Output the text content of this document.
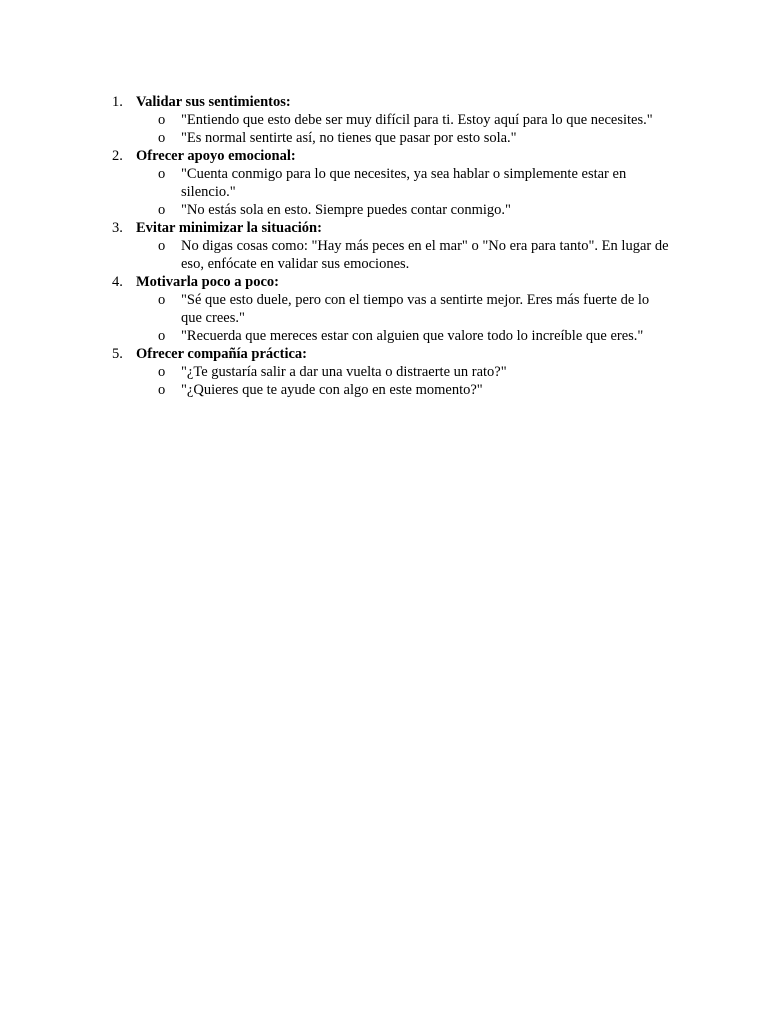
1. Validar sus sentimientos:
o "Entiendo que esto debe ser muy difícil para ti. Estoy aquí para lo que necesites."
o "Es normal sentirte así, no tienes que pasar por esto sola."
2. Ofrecer apoyo emocional:
o "Cuenta conmigo para lo que necesites, ya sea hablar o simplemente estar en silencio."
o "No estás sola en esto. Siempre puedes contar conmigo."
3. Evitar minimizar la situación:
o No digas cosas como: "Hay más peces en el mar" o "No era para tanto". En lugar de eso, enfócate en validar sus emociones.
4. Motivarla poco a poco:
o "Sé que esto duele, pero con el tiempo vas a sentirte mejor. Eres más fuerte de lo que crees."
o "Recuerda que mereces estar con alguien que valore todo lo increíble que eres."
5. Ofrecer compañía práctica:
o "¿Te gustaría salir a dar una vuelta o distraerte un rato?"
o "¿Quieres que te ayude con algo en este momento?"
